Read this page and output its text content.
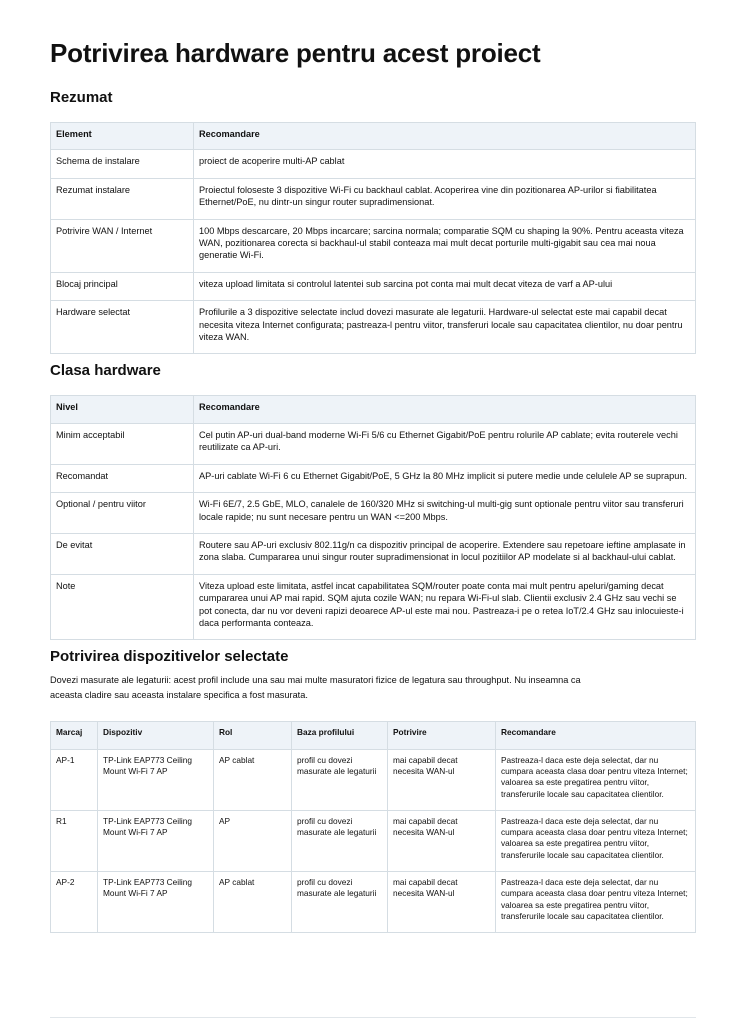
Potrivirea hardware pentru acest proiect
Rezumat
Element	Recomandare
Schema de instalare	proiect de acoperire multi-AP cablat
Rezumat instalare	Proiectul foloseste 3 dispozitive Wi-Fi cu backhaul cablat. Acoperirea vine din pozitionarea AP-urilor si fiabilitatea Ethernet/PoE, nu dintr-un singur router supradimensionat.
Potrivire WAN / Internet	100 Mbps descarcare, 20 Mbps incarcare; sarcina normala; comparatie SQM cu shaping la 90%. Pentru aceasta viteza WAN, pozitionarea corecta si backhaul-ul stabil conteaza mai mult decat porturile multi-gigabit sau cea mai noua generatie Wi-Fi.
Blocaj principal	viteza upload limitata si controlul latentei sub sarcina pot conta mai mult decat viteza de varf a AP-ului
Hardware selectat	Profilurile a 3 dispozitive selectate includ dovezi masurate ale legaturii. Hardware-ul selectat este mai capabil decat necesita viteza Internet configurata; pastreaza-l pentru viitor, transferuri locale sau capacitatea clientilor, nu doar pentru viteza WAN.
Clasa hardware
Nivel	Recomandare
Minim acceptabil	Cel putin AP-uri dual-band moderne Wi-Fi 5/6 cu Ethernet Gigabit/PoE pentru rolurile AP cablate; evita routerele vechi reutilizate ca AP-uri.
Recomandat	AP-uri cablate Wi-Fi 6 cu Ethernet Gigabit/PoE, 5 GHz la 80 MHz implicit si putere medie unde celulele AP se suprapun.
Optional / pentru viitor	Wi-Fi 6E/7, 2.5 GbE, MLO, canalele de 160/320 MHz si switching-ul multi-gig sunt optionale pentru viitor sau transferuri locale rapide; nu sunt necesare pentru un WAN <=200 Mbps.
De evitat	Routere sau AP-uri exclusiv 802.11g/n ca dispozitiv principal de acoperire. Extendere sau repetoare ieftine amplasate in zona slaba. Cumpararea unui singur router supradimensionat in locul pozitiilor AP modelate si al backhaul-ului cablat.
Note	Viteza upload este limitata, astfel incat capabilitatea SQM/router poate conta mai mult pentru apeluri/gaming decat cumpararea unui AP mai rapid. SQM ajuta cozile WAN; nu repara Wi-Fi-ul slab. Clientii exclusiv 2.4 GHz sau vechi se pot conecta, dar nu vor deveni rapizi deoarece AP-ul este mai nou. Pastreaza-i pe o retea IoT/2.4 GHz sau inlocuieste-i daca performanta conteaza.
Potrivirea dispozitivelor selectate

Dovezi masurate ale legaturii: acest profil include una sau mai multe masuratori fizice de legatura sau throughput. Nu inseamna ca aceasta cladire sau aceasta instalare specifica a fost masurata.

Marcaj	Dispozitiv	Rol	Baza profilului	Potrivire	Recomandare
AP-1	TP-Link EAP773 Ceiling Mount Wi-Fi 7 AP	AP cablat	profil cu dovezi masurate ale legaturii	mai capabil decat necesita WAN-ul	Pastreaza-l daca este deja selectat, dar nu cumpara aceasta clasa doar pentru viteza Internet; valoarea sa este pregatirea pentru viitor, transferurile locale sau capacitatea clientilor.
R1	TP-Link EAP773 Ceiling Mount Wi-Fi 7 AP	AP	profil cu dovezi masurate ale legaturii	mai capabil decat necesita WAN-ul	Pastreaza-l daca este deja selectat, dar nu cumpara aceasta clasa doar pentru viteza Internet; valoarea sa este pregatirea pentru viitor, transferurile locale sau capacitatea clientilor.
AP-2	TP-Link EAP773 Ceiling Mount Wi-Fi 7 AP	AP cablat	profil cu dovezi masurate ale legaturii	mai capabil decat necesita WAN-ul	Pastreaza-l daca este deja selectat, dar nu cumpara aceasta clasa doar pentru viteza Internet; valoarea sa este pregatirea pentru viitor, transferurile locale sau capacitatea clientilor.
